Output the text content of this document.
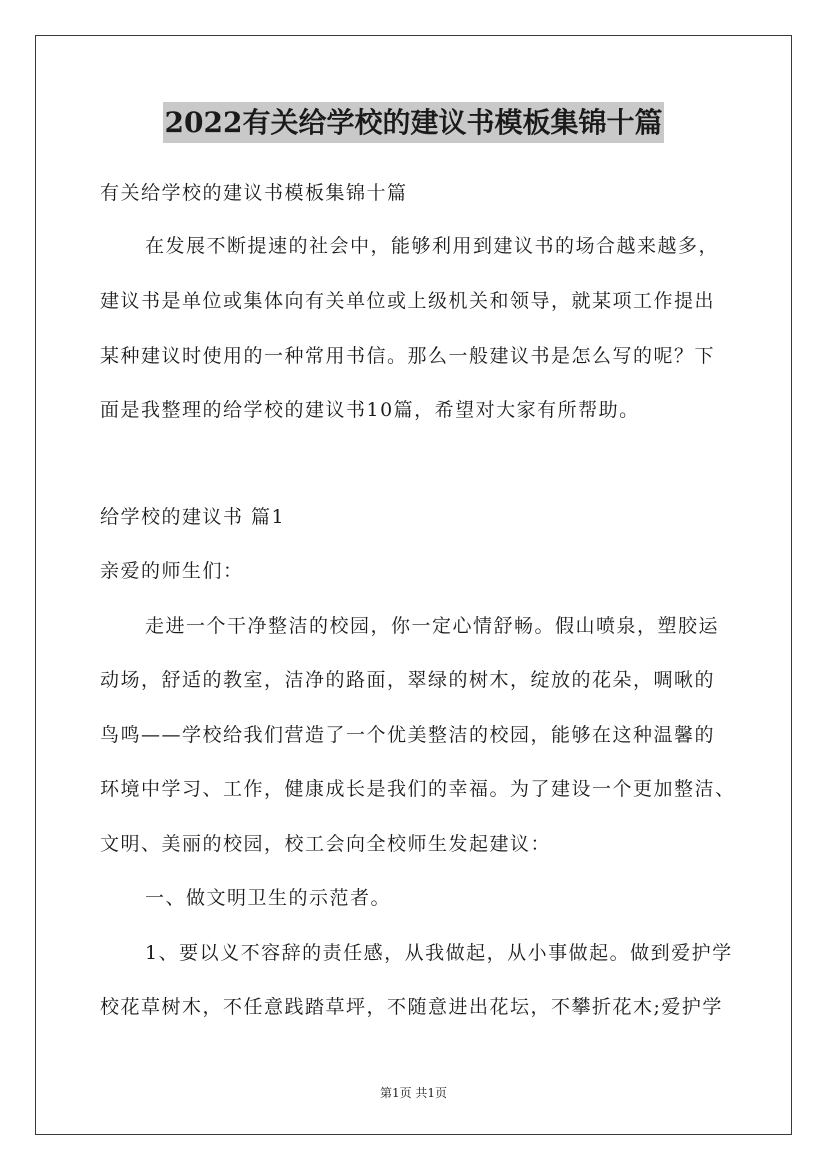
2022有关给学校的建议书模板集锦十篇
有关给学校的建议书模板集锦十篇
在发展不断提速的社会中，能够利用到建议书的场合越来越多，
建议书是单位或集体向有关单位或上级机关和领导，就某项工作提出
某种建议时使用的一种常用书信。那么一般建议书是怎么写的呢？下
面是我整理的给学校的建议书10篇，希望对大家有所帮助。
给学校的建议书 篇1
亲爱的师生们：
走进一个干净整洁的校园，你一定心情舒畅。假山喷泉，塑胶运
动场，舒适的教室，洁净的路面，翠绿的树木，绽放的花朵，啁啾的
鸟鸣——学校给我们营造了一个优美整洁的校园，能够在这种温馨的
环境中学习、工作，健康成长是我们的幸福。为了建设一个更加整洁、
文明、美丽的校园，校工会向全校师生发起建议：
一、做文明卫生的示范者。
1、要以义不容辞的责任感，从我做起，从小事做起。做到爱护学
校花草树木，不任意践踏草坪，不随意进出花坛，不攀折花木;爱护学
第1页 共1页
